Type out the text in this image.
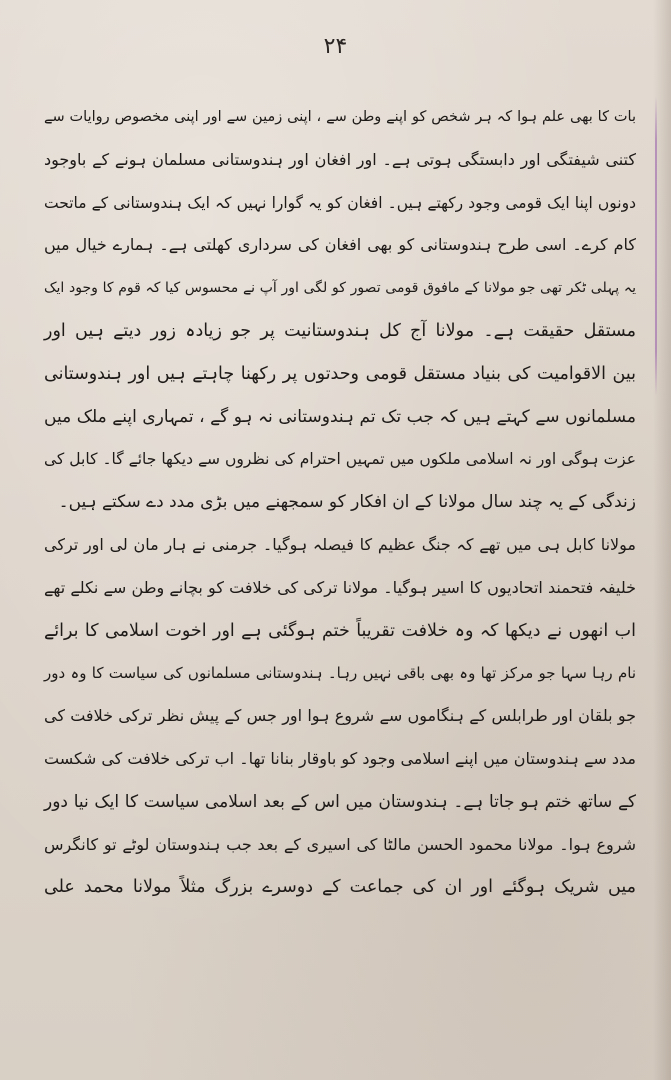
۲۴
بات کا بھی علم ہوا کہ ہر شخص کو اپنے وطن سے ، اپنی زمین سے اور اپنی مخصوص روایات سے
کتنی شیفتگی اور دابستگی ہوتی ہے۔ اور افغان اور ہندوستانی مسلمان ہونے کے باوجود
دونوں اپنا ایک قومی وجود رکھتے ہیں۔ افغان کو یہ گوارا نہیں کہ ایک ہندوستانی کے ماتحت
کام کرے۔ اسی طرح ہندوستانی کو بھی افغان کی سرداری کھلتی ہے۔ ہمارے خیال میں
یہ پہلی ٹکر تھی جو مولانا کے مافوق قومی تصور کو لگی اور آپ نے محسوس کیا کہ قوم کا وجود ایک
مستقل حقیقت ہے۔ مولانا آج کل ہندوستانیت پر جو زیادہ زور دیتے ہیں اور
بین الاقوامیت کی بنیاد مستقل قومی وحدتوں پر رکھنا چاہتے ہیں اور ہندوستانی
مسلمانوں سے کہتے ہیں کہ جب تک تم ہندوستانی نہ ہو گے ، تمہاری اپنے ملک میں
عزت ہوگی اور نہ اسلامی ملکوں میں تمہیں احترام کی نظروں سے دیکھا جائے گا۔ کابل کی
زندگی کے یہ چند سال مولانا کے ان افکار کو سمجھنے میں بڑی مدد دے سکتے ہیں۔
مولانا کابل ہی میں تھے کہ جنگ عظیم کا فیصلہ ہوگیا۔ جرمنی نے ہار مان لی اور ترکی
خلیفہ فتحمند اتحادیوں کا اسیر ہوگیا۔ مولانا ترکی کی خلافت کو بچانے وطن سے نکلے تھے
اب انھوں نے دیکھا کہ وہ خلافت تقریباً ختم ہوگئی ہے اور اخوت اسلامی کا برائے
نام رہا سہا جو مرکز تھا وہ بھی باقی نہیں رہا۔ ہندوستانی مسلمانوں کی سیاست کا وہ دور
جو بلقان اور طرابلس کے ہنگاموں سے شروع ہوا اور جس کے پیش نظر ترکی خلافت کی
مدد سے ہندوستان میں اپنے اسلامی وجود کو باوقار بنانا تھا۔ اب ترکی خلافت کی شکست
کے ساتھ ختم ہو جاتا ہے۔ ہندوستان میں اس کے بعد اسلامی سیاست کا ایک نیا دور
شروع ہوا۔ مولانا محمود الحسن مالٹا کی اسیری کے بعد جب ہندوستان لوٹے تو کانگرس
میں شریک ہوگئے اور ان کی جماعت کے دوسرے بزرگ مثلاً مولانا محمد علی
